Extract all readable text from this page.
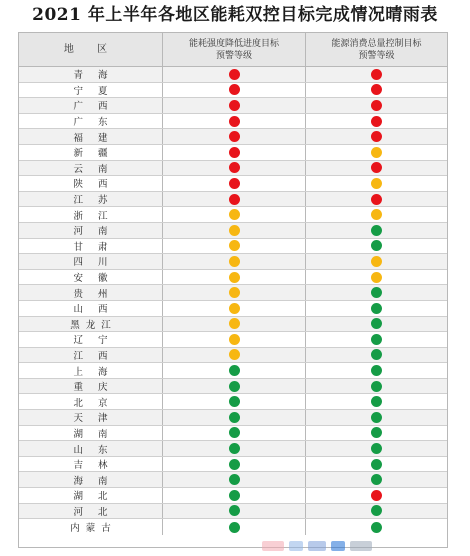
2021 年上半年各地区能耗双控目标完成情况晴雨表
地 区	能耗强度降低进度目标
预警等级
能源消费总量控制目标
预警等级
青 海
宁 夏
广 西
广 东
福 建
新 疆
云 南
陕 西
江 苏
浙 江
河 南
甘 肃
四 川
安 徽
贵 州
山 西
黑龙江
辽 宁
江 西
上 海
重 庆
北 京
天 津
湖 南
山 东
吉 林
海 南
湖 北
河 北
内蒙古
